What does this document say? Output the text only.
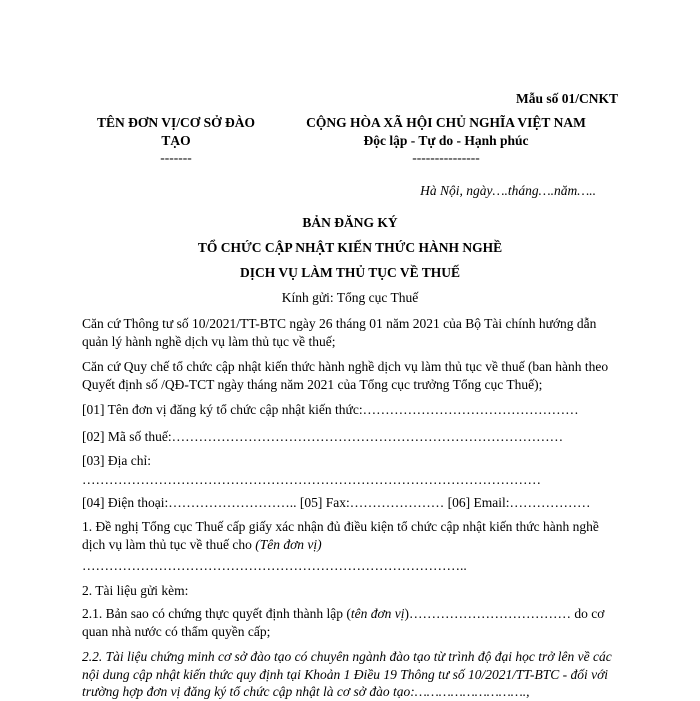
Mẫu số 01/CNKT
TÊN ĐƠN VỊ/CƠ SỞ ĐÀO
TẠO
-------
CỘNG HÒA XÃ HỘI CHỦ NGHĨA VIỆT NAM
Độc lập - Tự do - Hạnh phúc
---------------
Hà Nội, ngày….tháng….năm…..
BẢN ĐĂNG KÝ
TỔ CHỨC CẬP NHẬT KIẾN THỨC HÀNH NGHỀ
DỊCH VỤ LÀM THỦ TỤC VỀ THUẾ
Kính gửi: Tổng cục Thuế
Căn cứ Thông tư số 10/2021/TT-BTC ngày 26 tháng 01 năm 2021 của Bộ Tài chính hướng dẫn quản lý hành nghề dịch vụ làm thủ tục về thuế;
Căn cứ Quy chế tổ chức cập nhật kiến thức hành nghề dịch vụ làm thủ tục về thuế (ban hành theo Quyết định số /QĐ-TCT ngày tháng năm 2021 của Tổng cục trưởng Tổng cục Thuế);
[01] Tên đơn vị đăng ký tổ chức cập nhật kiến thức:…………………………………………
[02] Mã số thuế:……………………………………………………………………………
[03] Địa chỉ:
…………………………………………………………………………………………
[04] Điện thoại:……………………….. [05] Fax:………………… [06] Email:………………
1. Đề nghị Tổng cục Thuế cấp giấy xác nhận đủ điều kiện tổ chức cập nhật kiến thức hành nghề dịch vụ làm thủ tục về thuế cho (Tên đơn vị)
…………………………………………………………………………..
2. Tài liệu gửi kèm:
2.1. Bản sao có chứng thực quyết định thành lập (tên đơn vị)……………………………… do cơ quan nhà nước có thẩm quyền cấp;
2.2. Tài liệu chứng minh cơ sở đào tạo có chuyên ngành đào tạo từ trình độ đại học trở lên về các nội dung cập nhật kiến thức quy định tại Khoản 1 Điều 19 Thông tư số 10/2021/TT-BTC - đối với trường hợp đơn vị đăng ký tổ chức cập nhật là cơ sở đào tạo:……………………….,
